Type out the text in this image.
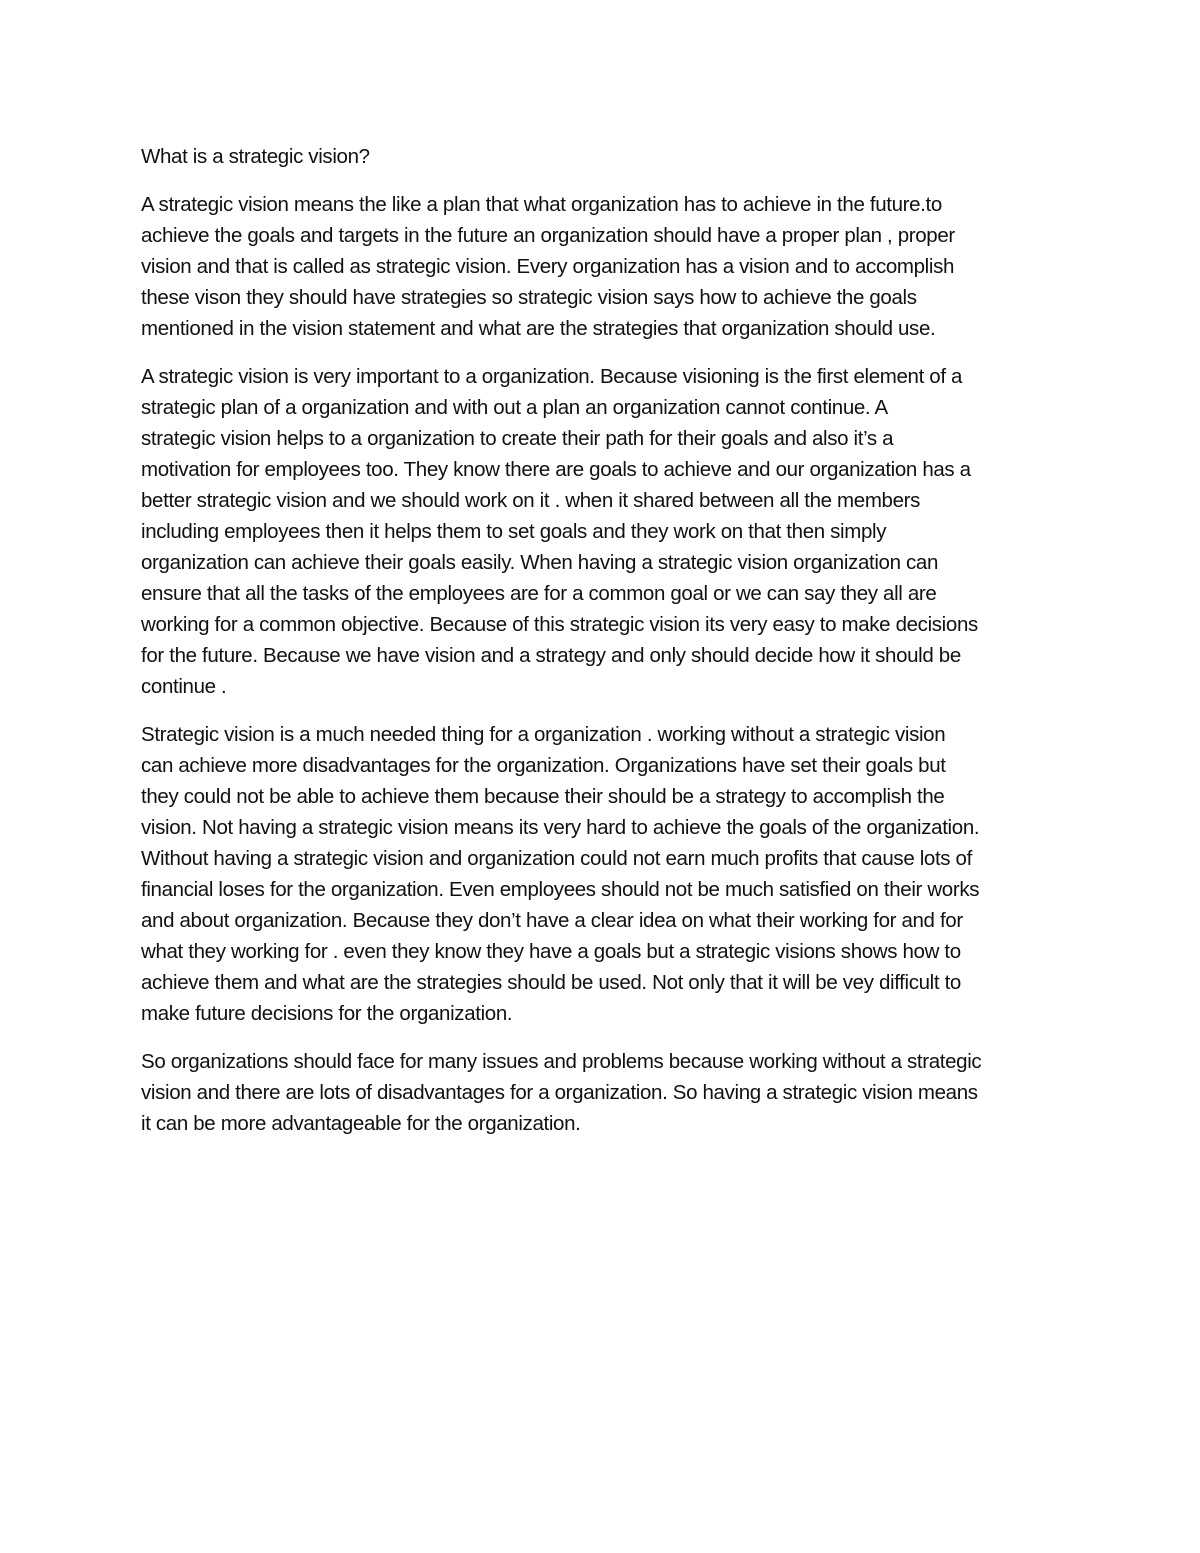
What is a strategic vision?
A strategic vision means the like a plan that what organization has to achieve in the future.to
achieve the goals and targets in the future an organization should have a proper plan , proper
vision and that is called as strategic vision. Every organization has a vision and to accomplish
these vison they should have strategies so strategic vision says how to achieve the goals
mentioned in the vision statement and what are the strategies that organization should use.
A strategic vision is very important to a organization. Because visioning is the first element of a
strategic plan of a organization and with out a plan an organization cannot continue. A
strategic vision helps to a organization to create their path for their goals and also it’s a
motivation for employees too. They know there are goals to achieve and our organization has a
better strategic vision and we should work on it . when it shared between all the members
including employees then it helps them to set goals and they work on that then simply
organization can achieve their goals easily. When having a strategic vision organization can
ensure that all the tasks of the employees are for a common goal or we can say they all are
working for a common objective. Because of this strategic vision its very easy to make decisions
for the future. Because we have vision and a strategy and only should decide how it should be
continue .
Strategic vision is a much needed thing for a organization . working without a strategic vision
can achieve more disadvantages for the organization. Organizations have set their goals but
they could not be able to achieve them because their should be a strategy to accomplish the
vision. Not having a strategic vision means its very hard to achieve the goals of the organization.
Without having a strategic vision and organization could not earn much profits that cause lots of
financial loses for the organization. Even employees should not be much satisfied on their works
and about organization. Because they don’t have a clear idea on what their working for and for
what they working for . even they know they have a goals but a strategic visions shows how to
achieve them and what are the strategies should be used. Not only that it will be vey difficult to
make future decisions for the organization.
So organizations should face for many issues and problems because working without a strategic
vision and there are lots of disadvantages for a organization. So having a strategic vision means
it can be more advantageable for the organization.
